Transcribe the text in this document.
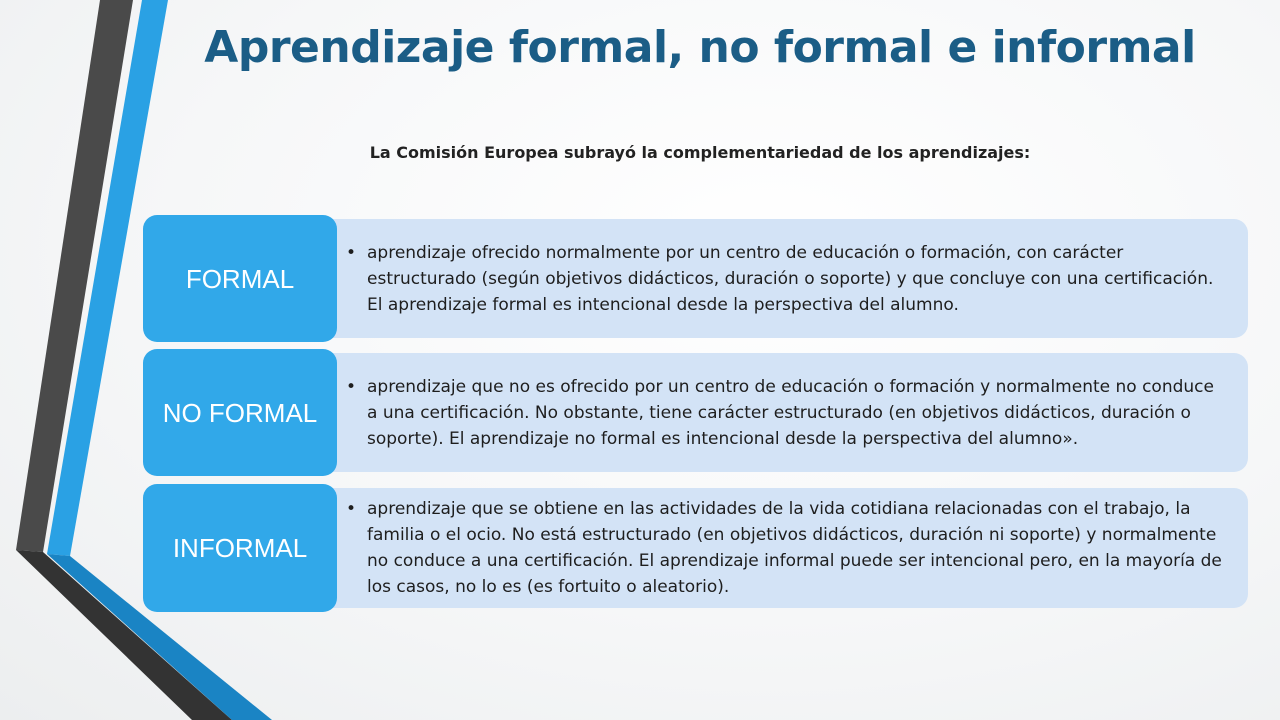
Aprendizaje formal, no formal e informal
La Comisión Europea subrayó la complementariedad de los aprendizajes:
• aprendizaje ofrecido normalmente por un centro de educación o formación, con carácter estructurado (según objetivos didácticos, duración o soporte) y que concluye con una certificación. El aprendizaje formal es intencional desde la perspectiva del alumno.
FORMAL
• aprendizaje que no es ofrecido por un centro de educación o formación y normalmente no conduce a una certificación. No obstante, tiene carácter estructurado (en objetivos didácticos, duración o soporte). El aprendizaje no formal es intencional desde la perspectiva del alumno».
NO FORMAL
• aprendizaje que se obtiene en las actividades de la vida cotidiana relacionadas con el trabajo, la familia o el ocio. No está estructurado (en objetivos didácticos, duración ni soporte) y normalmente no conduce a una certificación. El aprendizaje informal puede ser intencional pero, en la mayoría de los casos, no lo es (es fortuito o aleatorio).
INFORMAL
